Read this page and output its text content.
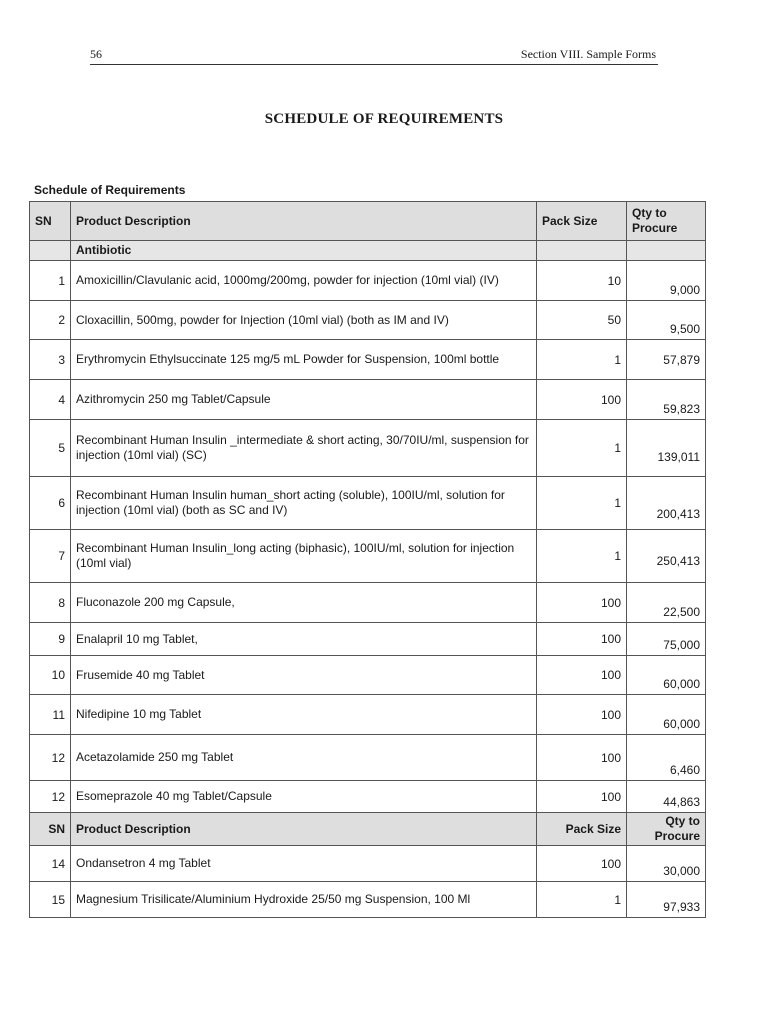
56	Section VIII. Sample Forms
SCHEDULE OF REQUIREMENTS
Schedule of Requirements
SN	Product Description	Pack Size	Qty to Procure
	Antibiotic		
1	Amoxicillin/Clavulanic acid, 1000mg/200mg, powder for injection (10ml vial) (IV)	10	9,000
2	Cloxacillin, 500mg, powder for Injection (10ml vial) (both as IM and IV)	50	9,500
3	Erythromycin Ethylsuccinate 125 mg/5 mL Powder for Suspension, 100ml bottle	1	57,879
4	Azithromycin 250 mg Tablet/Capsule	100	59,823
5	Recombinant Human Insulin _intermediate & short acting, 30/70IU/ml, suspension for injection (10ml vial) (SC)	1	139,011
6	Recombinant Human Insulin human_short acting (soluble), 100IU/ml, solution for injection (10ml vial) (both as SC and IV)	1	200,413
7	Recombinant Human Insulin_long acting (biphasic), 100IU/ml, solution for injection (10ml vial)	1	250,413
8	Fluconazole 200 mg Capsule,	100	22,500
9	Enalapril 10 mg Tablet,	100	75,000
10	Frusemide 40 mg Tablet	100	60,000
11	Nifedipine 10 mg Tablet	100	60,000
12	Acetazolamide 250 mg Tablet	100	6,460
12	Esomeprazole 40 mg Tablet/Capsule	100	44,863
SN	Product Description	Pack Size	Qty to Procure
14	Ondansetron 4 mg Tablet	100	30,000
15	Magnesium Trisilicate/Aluminium Hydroxide 25/50 mg Suspension, 100 Ml	1	97,933
